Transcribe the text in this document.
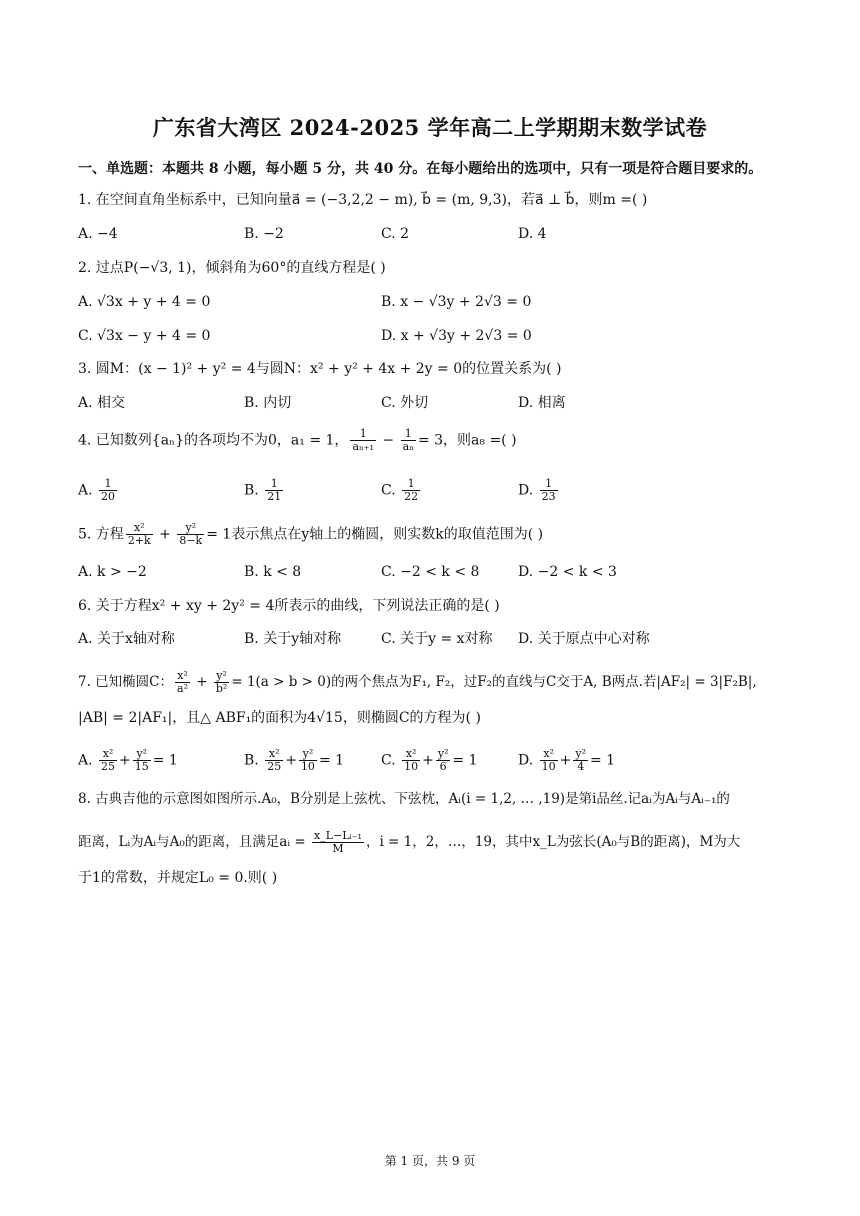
广东省大湾区 2024-2025 学年高二上学期期末数学试卷
一、单选题：本题共 8 小题，每小题 5 分，共 40 分。在每小题给出的选项中，只有一项是符合题目要求的。
1. 在空间直角坐标系中，已知向量a⃗ = (−3,2,2 − m), b⃗ = (m, 9,3)，若a⃗ ⊥ b⃗，则m =( )
A. −4	B. −2	C. 2	D. 4
2. 过点P(−√3, 1)，倾斜角为60°的直线方程是( )
A. √3x + y + 4 = 0	B. x − √3y + 2√3 = 0
C. √3x − y + 4 = 0	D. x + √3y + 2√3 = 0
3. 圆M：(x − 1)² + y² = 4与圆N：x² + y² + 4x + 2y = 0的位置关系为( )
A. 相交	B. 内切	C. 外切	D. 相离
4. 已知数列{aₙ}的各项均不为0，a₁ = 1， $\frac{1}{\text{aₙ₊₁}} - \frac{1}{\text{aₙ}} = 3$，则a₈ =( )
A. $\frac{1}{20}$	B. $\frac{1}{21}$	C. $\frac{1}{22}$	D. $\frac{1}{23}$
5. 方程 $\frac{\text{x²}}{2+k} + \frac{\text{y²}}{8-k} = 1$表示焦点在y轴上的椭圆，则实数k的取值范围为( )
A. k > −2	B. k < 8	C. −2 < k < 8	D. −2 < k < 3
6. 关于方程x² + xy + 2y² = 4所表示的曲线，下列说法正确的是( )
A. 关于x轴对称	B. 关于y轴对称	C. 关于y = x对称 D. 关于原点中心对称
7. 已知椭圆C： $\frac{\text{x²}}{\text{a²}} + \frac{\text{y²}}{\text{b²}} = 1(a > b > 0)$的两个焦点为F₁, F₂，过F₂的直线与C交于A, B两点.若|AF₂| = 3|F₂B|,
|AB| = 2|AF₁|，且△ ABF₁的面积为4√15，则椭圆C的方程为( )
A. $\frac{\text{x²}}{25} + \frac{\text{y²}}{15} = 1$	B. $\frac{\text{x²}}{25} + \frac{\text{y²}}{10} = 1$	C. $\frac{\text{x²}}{10} + \frac{\text{y²}}{6} = 1$	D. $\frac{\text{x²}}{10} + \frac{\text{y²}}{4} = 1$
8. 古典吉他的示意图如图所示.A₀，B分别是上弦枕、下弦枕，Aᵢ(i = 1,2, … ,19)是第i品丝.记aᵢ为Aᵢ与Aᵢ₋₁的
距离，Lᵢ为Aᵢ与A₀的距离，且满足aᵢ = $\frac{\text{x\_L−Lᵢ₋₁}}{M}$ ，i = 1，2，…，19，其中x_L为弦长(A₀与B的距离)，M为大
于1的常数，并规定L₀ = 0.则( )
第 1 页，共 9 页
